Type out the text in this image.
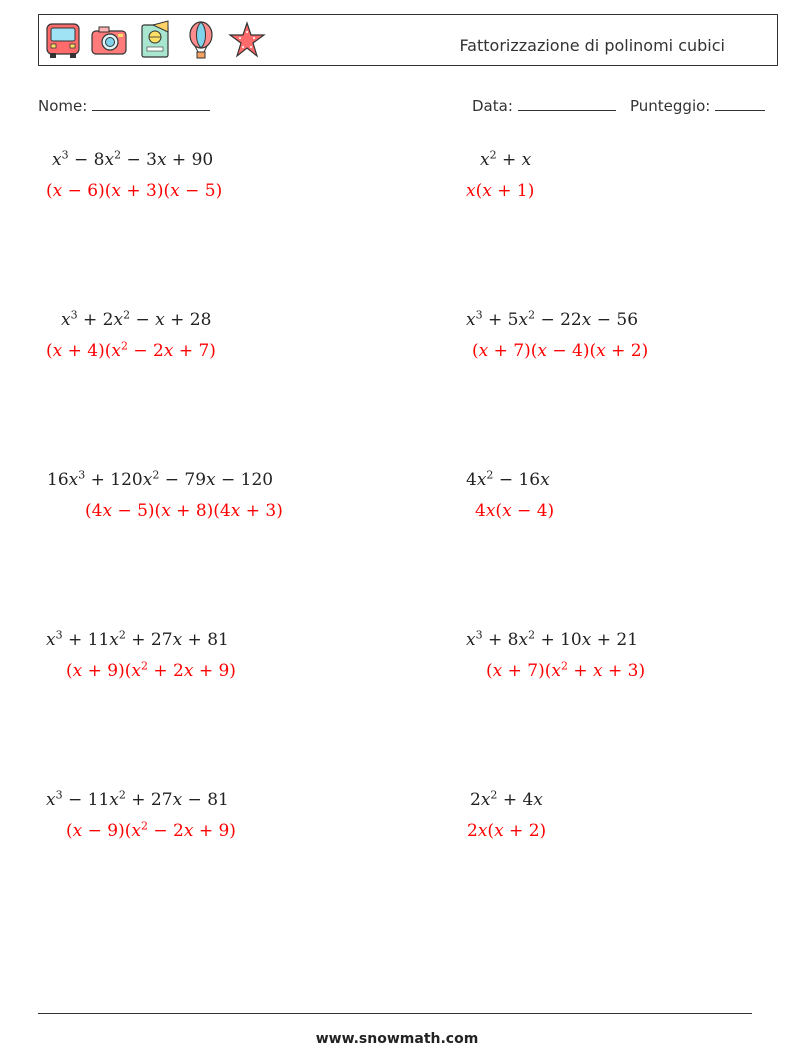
Fattorizzazione di polinomi cubici
Nome:	Data:	Punteggio:
$x^3 - 8x^2 - 3x + 90$
(x − 6)(x + 3)(x − 5)
$x^2 + x$
x(x + 1)
$x^3 + 2x^2 - x + 28$
$(x + 4)(x^2 - 2x + 7)$
$x^3 + 5x^2 - 22x - 56$
(x + 7)(x − 4)(x + 2)
$16x^3 + 120x^2 - 79x - 120$
(4x − 5)(x + 8)(4x + 3)
$4x^2 - 16x$
4x(x − 4)
$x^3 + 11x^2 + 27x + 81$
$(x + 9)(x^2 + 2x + 9)$
$x^3 + 8x^2 + 10x + 21$
$(x + 7)(x^2 + x + 3)$
$x^3 - 11x^2 + 27x - 81$
$(x - 9)(x^2 - 2x + 9)$
$2x^2 + 4x$
2x(x + 2)
www.snowmath.com
